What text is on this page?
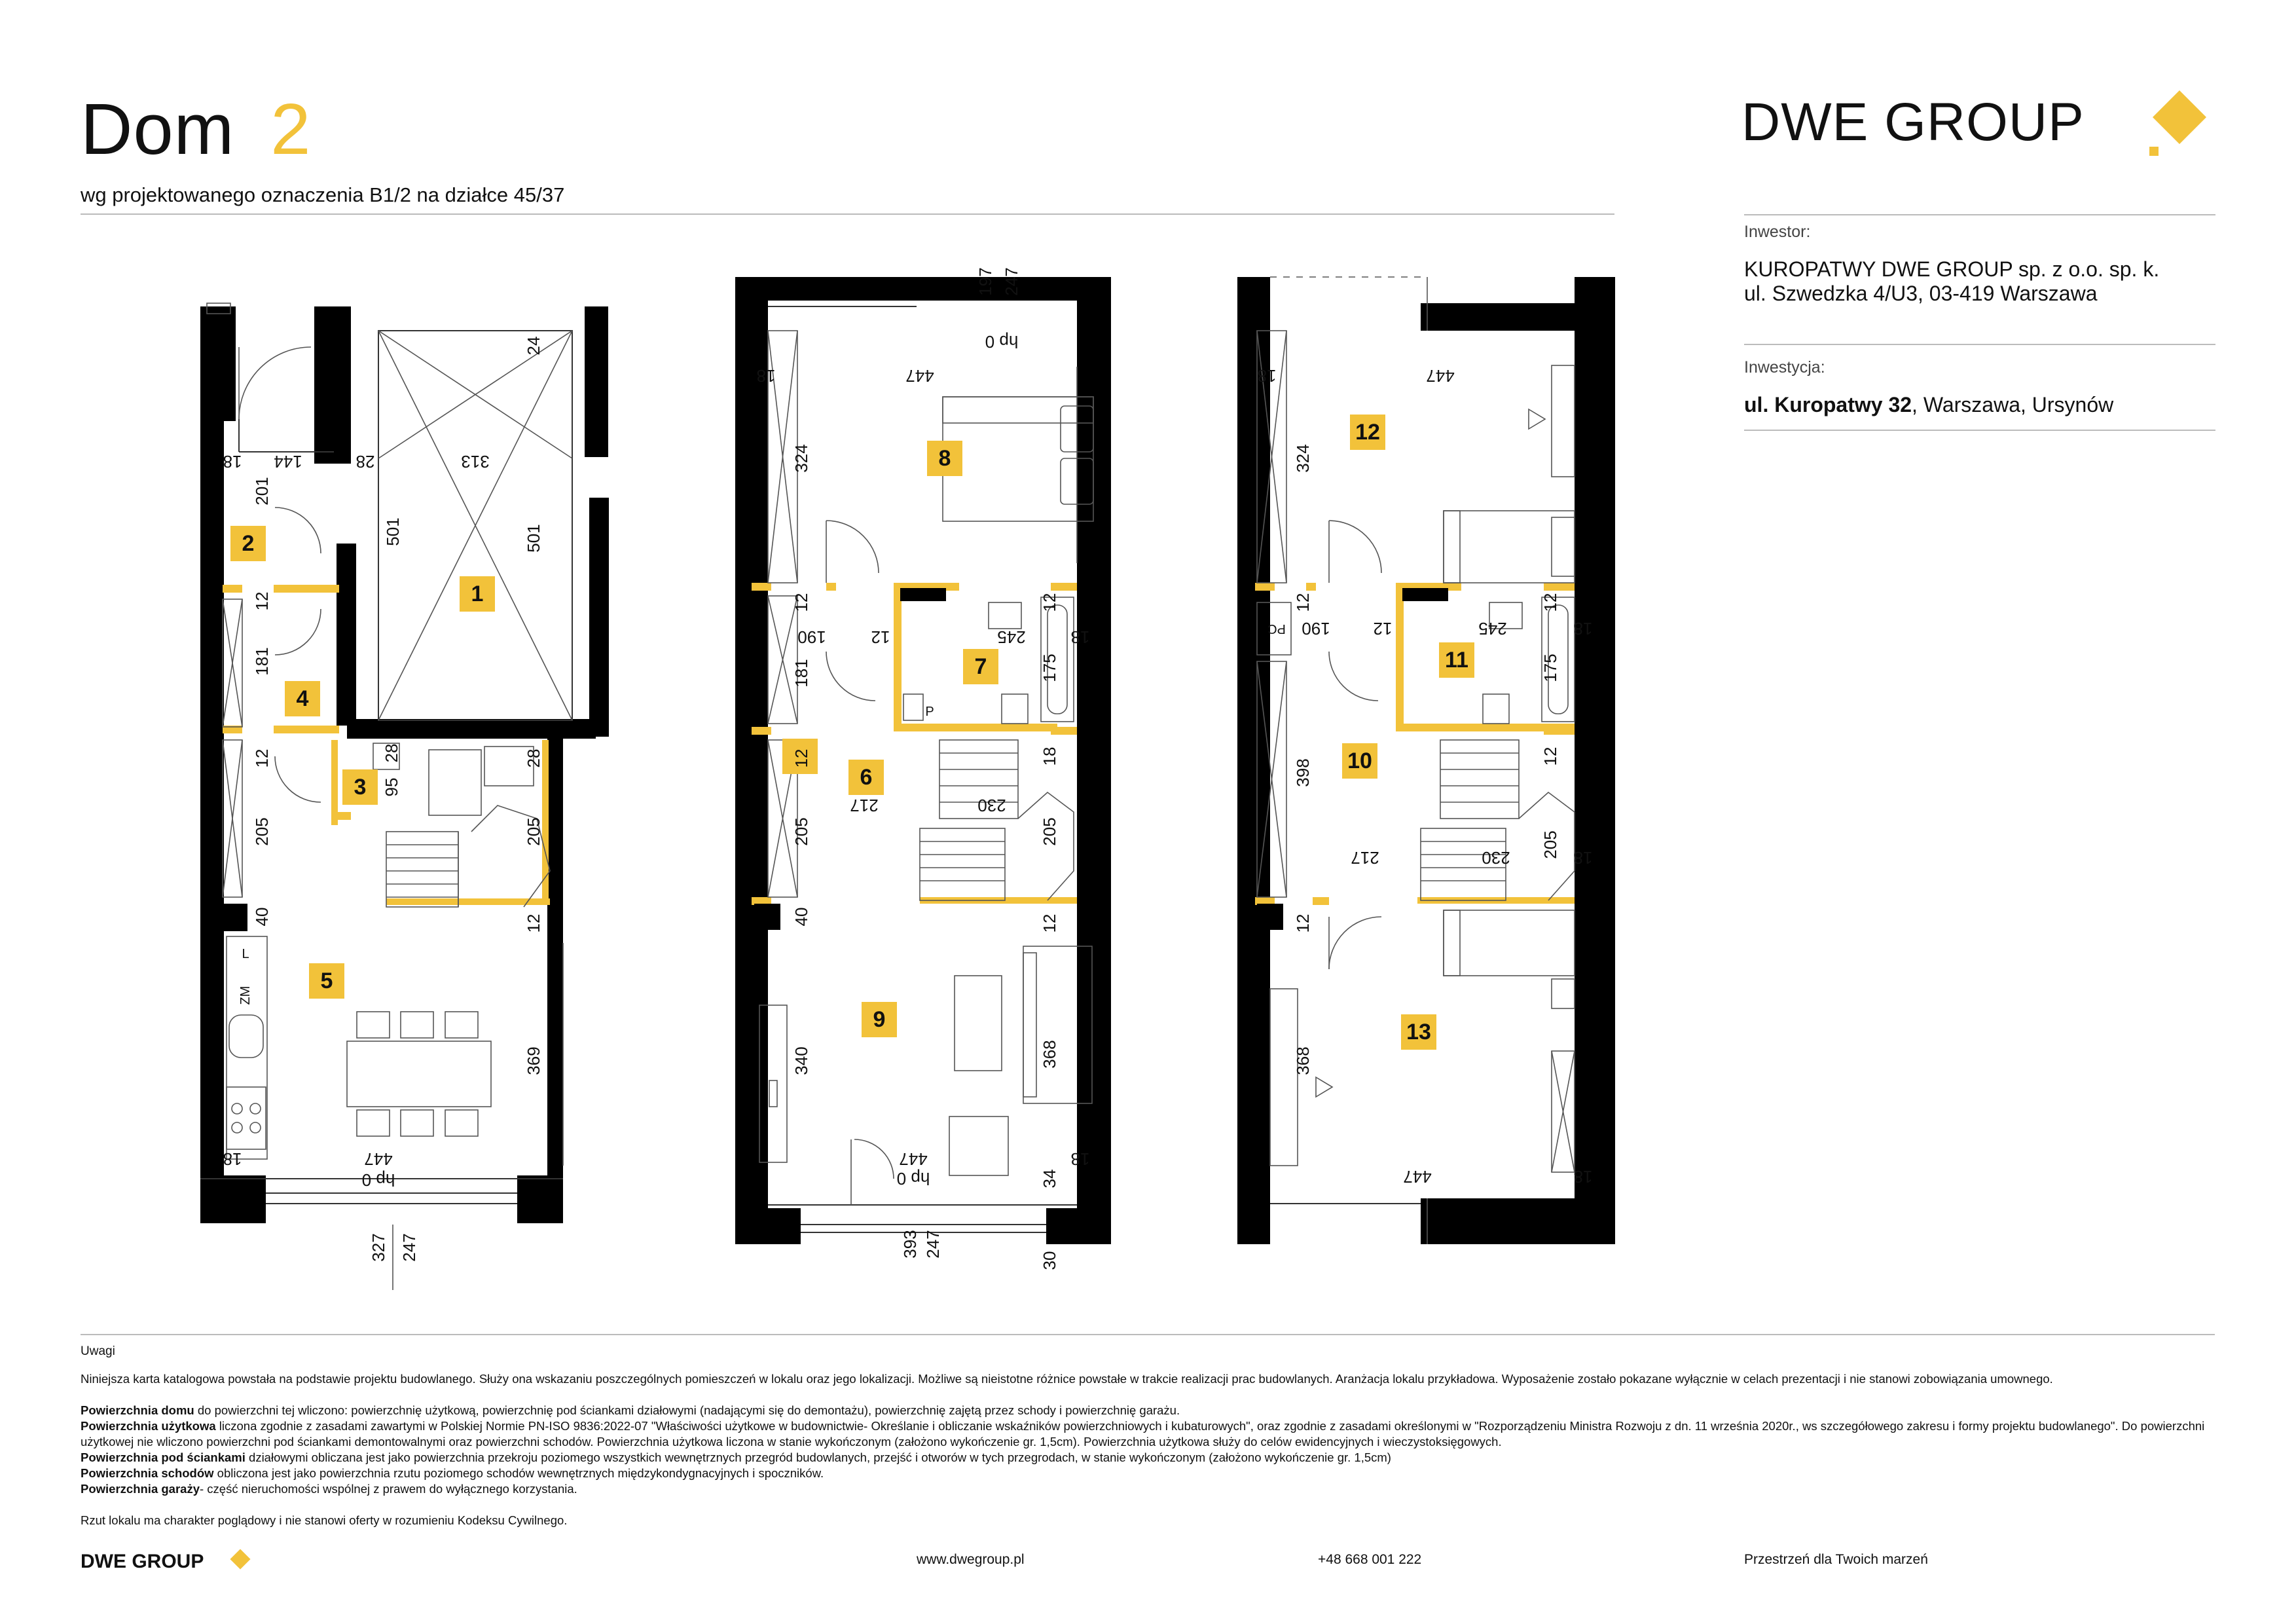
Dom 2
wg projektowanego oznaczenia B1/2 na działce 45/37
DWE GROUP
Inwestor:
KUROPATWY DWE GROUP sp. z o.o. sp. k.
ul. Szwedzka 4/U3, 03-419 Warszawa
Inwestycja:
ul. Kuropatwy 32, Warszawa, Ursynów
1
2
3
4
5
18 144	28	313
201
501	501
24
12
181
12
95
28	28
205	205
40	12
369
18	447
hp 0
327 247
L
ZM
8
7
6
9
197 247
hp 0
18	447
324
12
190	12	245
12
18
175
181
12
217	230
18
205	205
40	12
340	368
447	18
34
393 247
30
hp 0
P
12
11
10
13
18	447
324
12
190	12	245
12
18
175
398
217	230 205 18
12
12
368
447	18
PC

Uwagi

Niniejsza karta katalogowa powstała na podstawie projektu budowlanego. Służy ona wskazaniu poszczególnych pomieszczeń w lokalu oraz jego lokalizacji. Możliwe są nieistotne różnice powstałe w trakcie realizacji prac budowlanych. Aranżacja lokalu przykładowa. Wyposażenie zostało pokazane wyłącznie w celach prezentacji i nie stanowi zobowiązania umownego.

Powierzchnia domu do powierzchni tej wliczono: powierzchnię użytkową, powierzchnię pod ściankami działowymi (nadającymi się do demontażu), powierzchnię zajętą przez schody i powierzchnię garażu.

Powierzchnia użytkowa liczona zgodnie z zasadami zawartymi w Polskiej Normie PN-ISO 9836:2022-07 "Właściwości użytkowe w budownictwie- Określanie i obliczanie wskaźników powierzchniowych i kubaturowych", oraz zgodnie z zasadami określonymi w "Rozporządzeniu Ministra Rozwoju z dn. 11 września 2020r., ws szczegółowego zakresu i formy projektu budowlanego". Do powierzchni użytkowej nie wliczono powierzchni pod ściankami demontowalnymi oraz powierzchni schodów. Powierzchnia użytkowa liczona w stanie wykończonym (założono wykończenie gr. 1,5cm). Powierzchnia użytkowa służy do celów ewidencyjnych i wieczystoksięgowych.

Powierzchnia pod ściankami działowymi obliczana jest jako powierzchnia przekroju poziomego wszystkich wewnętrznych przegród budowlanych, przejść i otworów w tych przegrodach, w stanie wykończonym (założono wykończenie gr. 1,5cm)

Powierzchnia schodów obliczona jest jako powierzchnia rzutu poziomego schodów wewnętrznych międzykondygnacyjnych i spoczników.

Powierzchnia garaży- część nieruchomości wspólnej z prawem do wyłącznego korzystania.

Rzut lokalu ma charakter poglądowy i nie stanowi oferty w rozumieniu Kodeksu Cywilnego.

DWE GROUP	www.dwegroup.pl	+48 668 001 222	Przestrzeń dla Twoich marzeń
